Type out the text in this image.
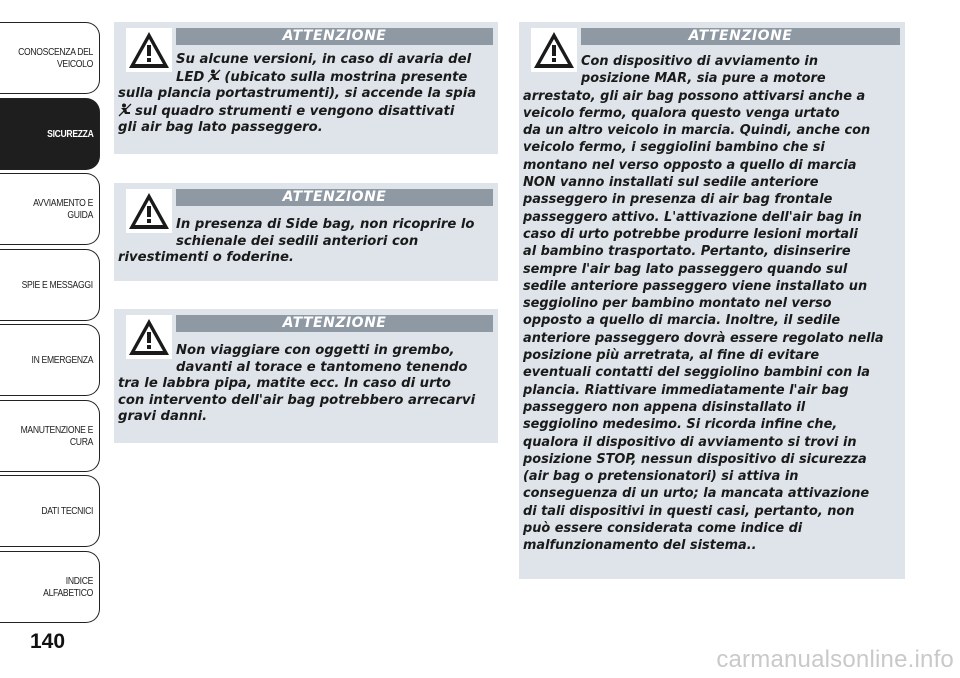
CONOSCENZA DEL VEICOLO
SICUREZZA
AVVIAMENTO E GUIDA
SPIE E MESSAGGI
IN EMERGENZA
MANUTENZIONE E CURA
DATI TECNICI
INDICE ALFABETICO
140
ATTENZIONE
Su alcune versioni, in caso di avaria del
LED (ubicato sulla mostrina presente
sulla plancia portastrumenti), si accende la spia
sul quadro strumenti e vengono disattivati
gli air bag lato passeggero.
ATTENZIONE
In presenza di Side bag, non ricoprire lo
schienale dei sedili anteriori con
rivestimenti o foderine.
ATTENZIONE
Non viaggiare con oggetti in grembo,
davanti al torace e tantomeno tenendo
tra le labbra pipa, matite ecc. In caso di urto
con intervento dell'air bag potrebbero arrecarvi
gravi danni.
ATTENZIONE
Con dispositivo di avviamento in
posizione MAR, sia pure a motore
arrestato, gli air bag possono attivarsi anche a
veicolo fermo, qualora questo venga urtato
da un altro veicolo in marcia. Quindi, anche con
veicolo fermo, i seggiolini bambino che si
montano nel verso opposto a quello di marcia
NON vanno installati sul sedile anteriore
passeggero in presenza di air bag frontale
passeggero attivo. L'attivazione dell'air bag in
caso di urto potrebbe produrre lesioni mortali
al bambino trasportato. Pertanto, disinserire
sempre l'air bag lato passeggero quando sul
sedile anteriore passeggero viene installato un
seggiolino per bambino montato nel verso
opposto a quello di marcia. Inoltre, il sedile
anteriore passeggero dovrà essere regolato nella
posizione più arretrata, al fine di evitare
eventuali contatti del seggiolino bambini con la
plancia. Riattivare immediatamente l'air bag
passeggero non appena disinstallato il
seggiolino medesimo. Si ricorda infine che,
qualora il dispositivo di avviamento si trovi in
posizione STOP, nessun dispositivo di sicurezza
(air bag o pretensionatori) si attiva in
conseguenza di un urto; la mancata attivazione
di tali dispositivi in questi casi, pertanto, non
può essere considerata come indice di
malfunzionamento del sistema..
carmanualsonline.info
